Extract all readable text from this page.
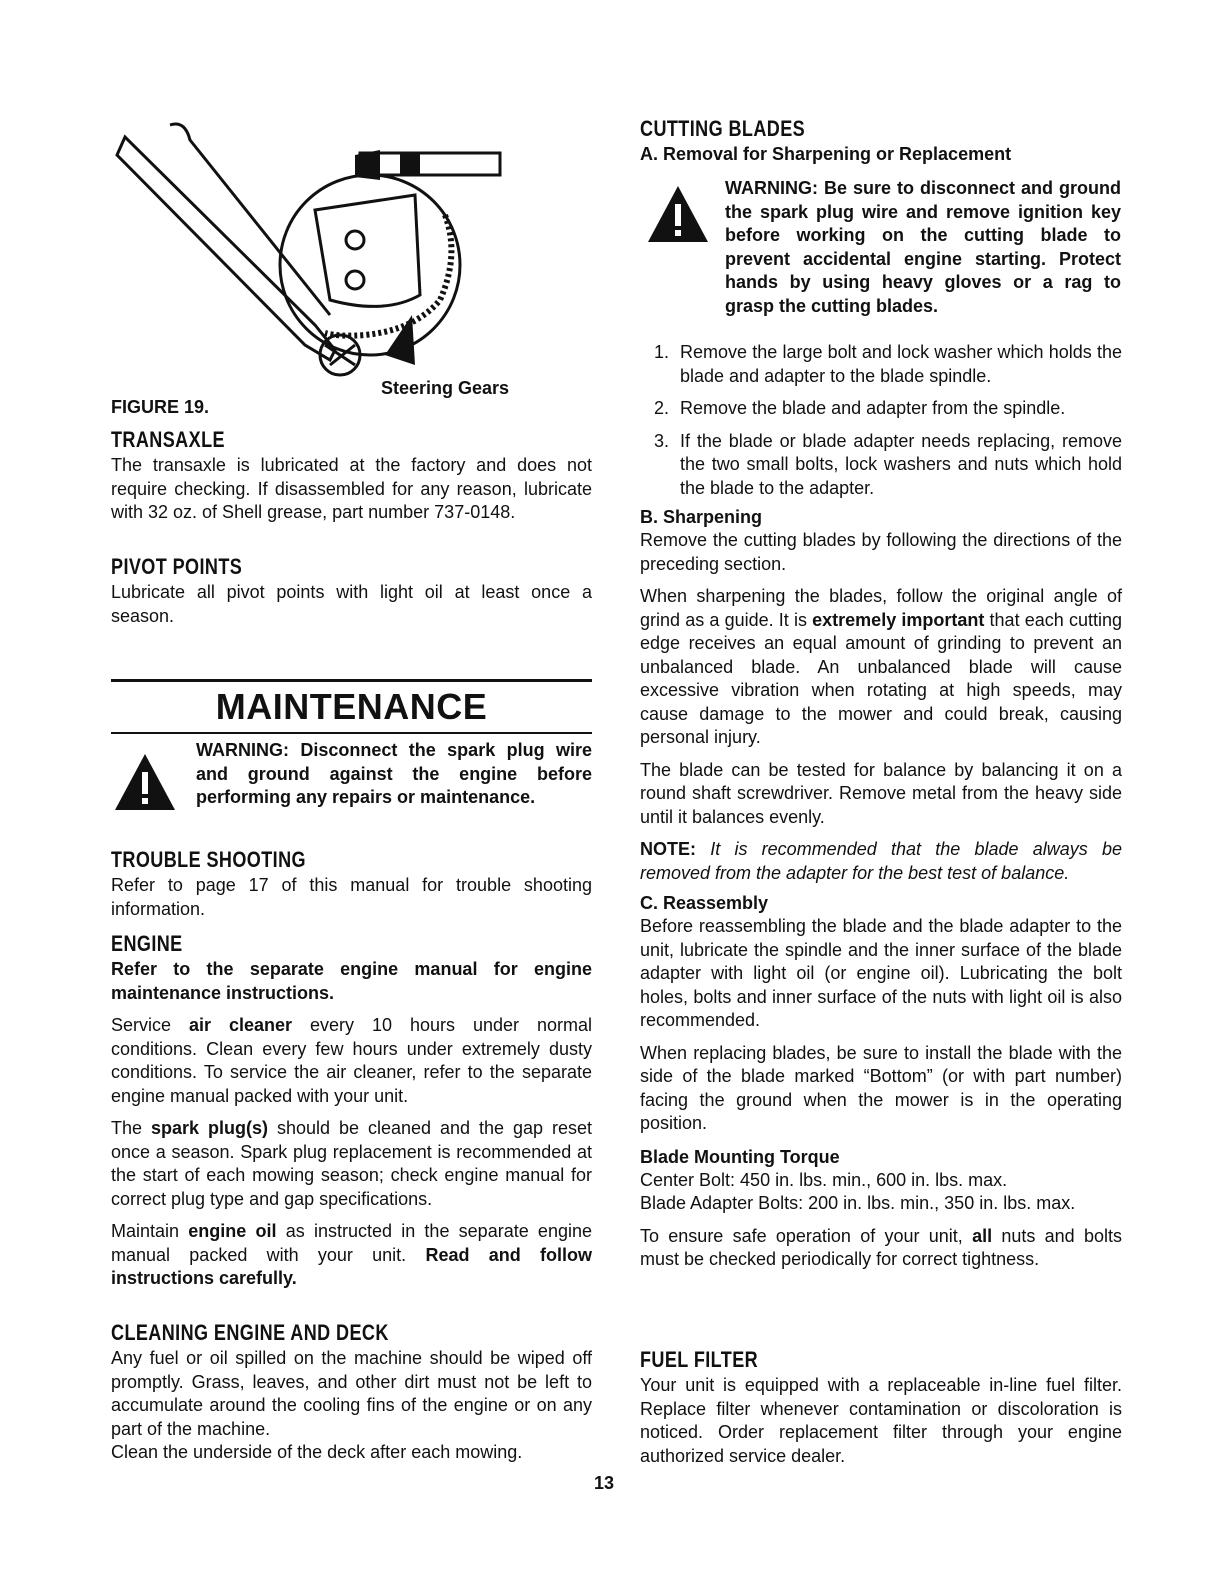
Steering Gears
FIGURE 19.
TRANSAXLE

The transaxle is lubricated at the factory and does not require checking. If disassembled for any reason, lubricate with 32 oz. of Shell grease, part number 737-0148.

PIVOT POINTS

Lubricate all pivot points with light oil at least once a season.

MAINTENANCE
WARNING: Disconnect the spark plug wire and ground against the engine before performing any repairs or maintenance.
TROUBLE SHOOTING

Refer to page 17 of this manual for trouble shooting information.

ENGINE

Refer to the separate engine manual for engine maintenance instructions.

Service air cleaner every 10 hours under normal conditions. Clean every few hours under extremely dusty conditions. To service the air cleaner, refer to the separate engine manual packed with your unit.

The spark plug(s) should be cleaned and the gap reset once a season. Spark plug replacement is recommended at the start of each mowing season; check engine manual for correct plug type and gap specifications.

Maintain engine oil as instructed in the separate engine manual packed with your unit. Read and follow instructions carefully.

CLEANING ENGINE AND DECK

Any fuel or oil spilled on the machine should be wiped off promptly. Grass, leaves, and other dirt must not be left to accumulate around the cooling fins of the engine or on any part of the machine.

Clean the underside of the deck after each mowing.

CUTTING BLADES
A. Removal for Sharpening or Replacement
WARNING: Be sure to disconnect and ground the spark plug wire and remove ignition key before working on the cutting blade to prevent accidental engine starting. Protect hands by using heavy gloves or a rag to grasp the cutting blades.
1. Remove the large bolt and lock washer which holds the blade and adapter to the blade spindle.
2. Remove the blade and adapter from the spindle.
3. If the blade or blade adapter needs replacing, remove the two small bolts, lock washers and nuts which hold the blade to the adapter.
B. Sharpening

Remove the cutting blades by following the directions of the preceding section.

When sharpening the blades, follow the original angle of grind as a guide. It is extremely important that each cutting edge receives an equal amount of grinding to prevent an unbalanced blade. An unbalanced blade will cause excessive vibration when rotating at high speeds, may cause damage to the mower and could break, causing personal injury.

The blade can be tested for balance by balancing it on a round shaft screwdriver. Remove metal from the heavy side until it balances evenly.

NOTE: It is recommended that the blade always be removed from the adapter for the best test of balance.

C. Reassembly

Before reassembling the blade and the blade adapter to the unit, lubricate the spindle and the inner surface of the blade adapter with light oil (or engine oil). Lubricating the bolt holes, bolts and inner surface of the nuts with light oil is also recommended.

When replacing blades, be sure to install the blade with the side of the blade marked “Bottom” (or with part number) facing the ground when the mower is in the operating position.

Blade Mounting Torque

Center Bolt: 450 in. lbs. min., 600 in. lbs. max.

Blade Adapter Bolts: 200 in. lbs. min., 350 in. lbs. max.

To ensure safe operation of your unit, all nuts and bolts must be checked periodically for correct tightness.

FUEL FILTER

Your unit is equipped with a replaceable in-line fuel filter. Replace filter whenever contamination or discoloration is noticed. Order replacement filter through your engine authorized service dealer.

13
